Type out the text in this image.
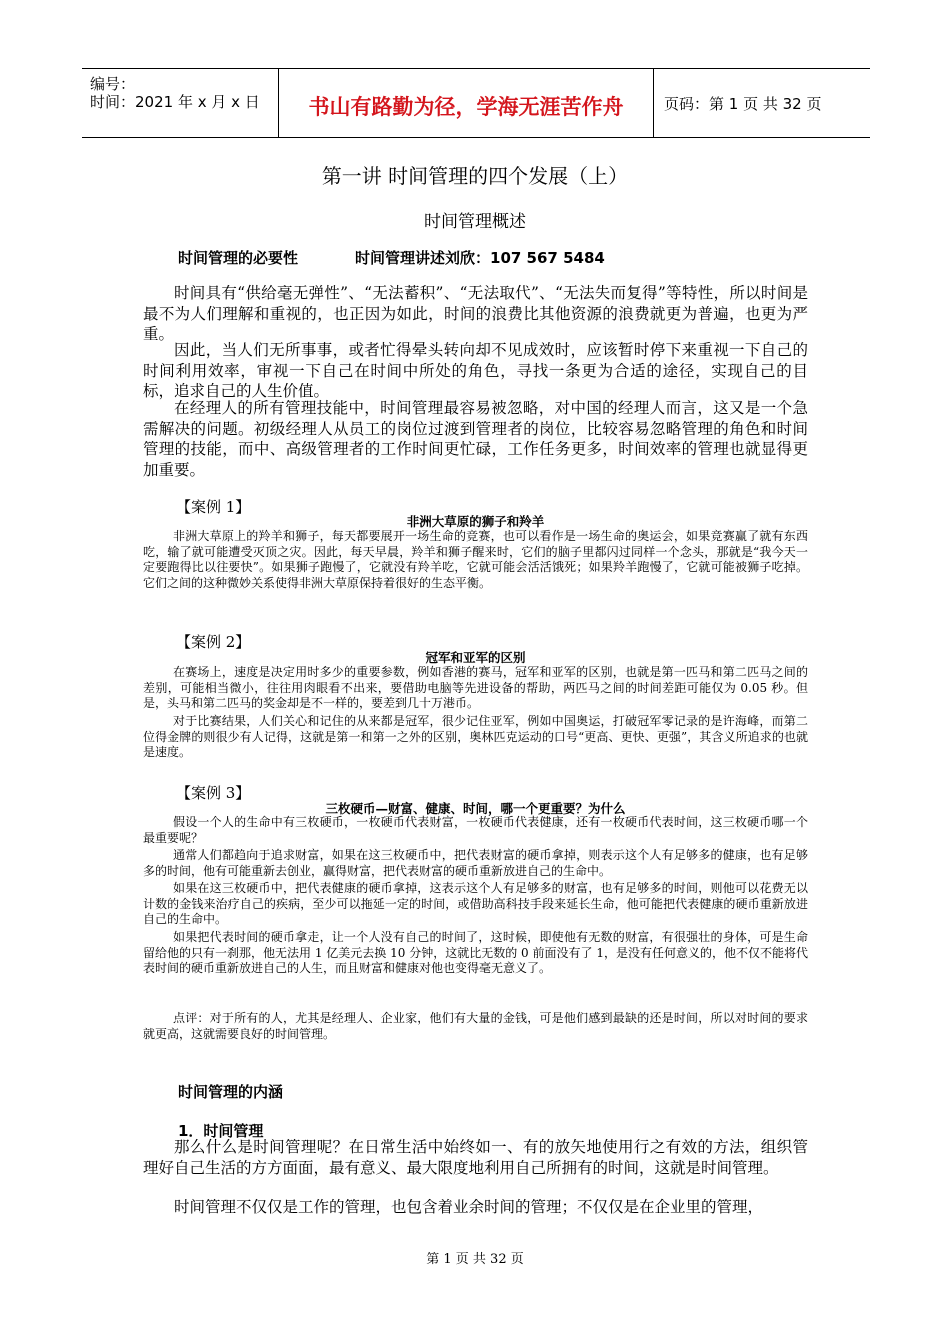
编号：
时间：2021 年 x 月 x 日	书山有路勤为径，学海无涯苦作舟	页码：第 1 页 共 32 页
第一讲 时间管理的四个发展（上）
时间管理概述
时间管理的必要性	时间管理讲述刘欣：107 567 5484

时间具有“供给毫无弹性”、“无法蓄积”、“无法取代”、“无法失而复得”等特性，所以时间是最不为人们理解和重视的，也正因为如此，时间的浪费比其他资源的浪费就更为普遍，也更为严重。

因此，当人们无所事事，或者忙得晕头转向却不见成效时，应该暂时停下来重视一下自己的时间利用效率，审视一下自己在时间中所处的角色，寻找一条更为合适的途径，实现自己的目标，追求自己的人生价值。

在经理人的所有管理技能中，时间管理最容易被忽略，对中国的经理人而言，这又是一个急需解决的问题。初级经理人从员工的岗位过渡到管理者的岗位，比较容易忽略管理的角色和时间管理的技能，而中、高级管理者的工作时间更忙碌，工作任务更多，时间效率的管理也就显得更加重要。

【案例 1】
非洲大草原的狮子和羚羊

非洲大草原上的羚羊和狮子，每天都要展开一场生命的竞赛，也可以看作是一场生命的奥运会，如果竞赛赢了就有东西吃，输了就可能遭受灭顶之灾。因此，每天早晨，羚羊和狮子醒来时，它们的脑子里都闪过同样一个念头，那就是“我今天一定要跑得比以往要快”。如果狮子跑慢了，它就没有羚羊吃，它就可能会活活饿死；如果羚羊跑慢了，它就可能被狮子吃掉。它们之间的这种微妙关系使得非洲大草原保持着很好的生态平衡。

【案例 2】
冠军和亚军的区别

在赛场上，速度是决定用时多少的重要参数，例如香港的赛马，冠军和亚军的区别，也就是第一匹马和第二匹马之间的差别，可能相当微小，往往用肉眼看不出来，要借助电脑等先进设备的帮助，两匹马之间的时间差距可能仅为 0.05 秒。但是，头马和第二匹马的奖金却是不一样的，要差到几十万港币。

对于比赛结果，人们关心和记住的从来都是冠军，很少记住亚军，例如中国奥运，打破冠军零记录的是许海峰，而第二位得金牌的则很少有人记得，这就是第一和第一之外的区别，奥林匹克运动的口号“更高、更快、更强”，其含义所追求的也就是速度。

【案例 3】
三枚硬币—财富、健康、时间，哪一个更重要？为什么

假设一个人的生命中有三枚硬币，一枚硬币代表财富，一枚硬币代表健康，还有一枚硬币代表时间，这三枚硬币哪一个最重要呢？

通常人们都趋向于追求财富，如果在这三枚硬币中，把代表财富的硬币拿掉，则表示这个人有足够多的健康，也有足够多的时间，他有可能重新去创业，赢得财富，把代表财富的硬币重新放进自己的生命中。

如果在这三枚硬币中，把代表健康的硬币拿掉，这表示这个人有足够多的财富，也有足够多的时间，则他可以花费无以计数的金钱来治疗自己的疾病，至少可以拖延一定的时间，或借助高科技手段来延长生命，他可能把代表健康的硬币重新放进自己的生命中。

如果把代表时间的硬币拿走，让一个人没有自己的时间了，这时候，即使他有无数的财富，有很强壮的身体，可是生命留给他的只有一刹那，他无法用 1 亿美元去换 10 分钟，这就比无数的 0 前面没有了 1，是没有任何意义的，他不仅不能将代表时间的硬币重新放进自己的人生，而且财富和健康对他也变得毫无意义了。

点评：对于所有的人，尤其是经理人、企业家，他们有大量的金钱，可是他们感到最缺的还是时间，所以对时间的要求就更高，这就需要良好的时间管理。

时间管理的内涵
1．时间管理

那么什么是时间管理呢？在日常生活中始终如一、有的放矢地使用行之有效的方法，组织管理好自己生活的方方面面，最有意义、最大限度地利用自己所拥有的时间，这就是时间管理。

时间管理不仅仅是工作的管理，也包含着业余时间的管理；不仅仅是在企业里的管理，

第 1 页 共 32 页
